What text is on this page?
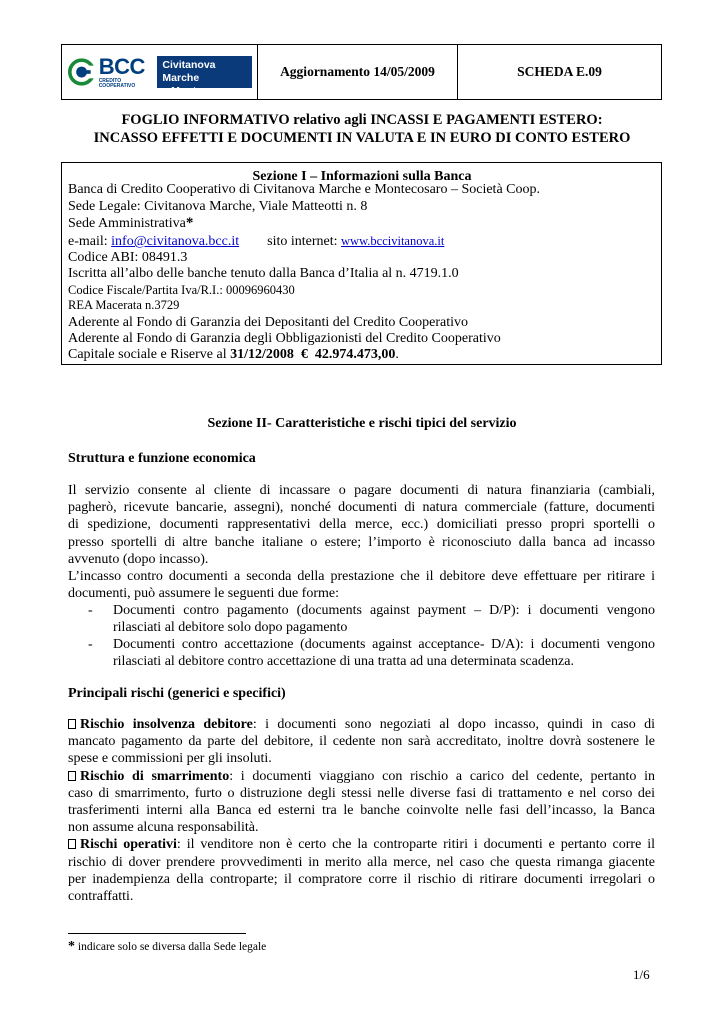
BCC
CREDITO COOPERATIVO
Civitanova Marche
e Montecosaro
Aggiornamento 14/05/2009	SCHEDA E.09
FOGLIO INFORMATIVO relativo agli INCASSI E PAGAMENTI ESTERO:
INCASSO EFFETTI E DOCUMENTI IN VALUTA E IN EURO DI CONTO ESTERO
Sezione I – Informazioni sulla Banca
Banca di Credito Cooperativo di Civitanova Marche e Montecosaro – Società Coop.
Sede Legale: Civitanova Marche, Viale Matteotti n. 8
Sede Amministrativa*
e-mail: info@civitanova.bcc.it sito internet: www.bccivitanova.it
Codice ABI: 08491.3
Iscritta all’albo delle banche tenuto dalla Banca d’Italia al n. 4719.1.0
Codice Fiscale/Partita Iva/R.I.: 00096960430
REA Macerata n.3729
Aderente al Fondo di Garanzia dei Depositanti del Credito Cooperativo
Aderente al Fondo di Garanzia degli Obbligazionisti del Credito Cooperativo
Capitale sociale e Riserve al 31/12/2008  €  42.974.473,00.
Sezione II- Caratteristiche e rischi tipici del servizio
Struttura e funzione economica
Il servizio consente al cliente di incassare o pagare documenti di natura finanziaria (cambiali,
pagherò, ricevute bancarie, assegni), nonché documenti di natura commerciale (fatture, documenti
di spedizione, documenti rappresentativi della merce, ecc.) domiciliati presso propri sportelli o
presso sportelli di altre banche italiane o estere; l’importo è riconosciuto dalla banca ad incasso
avvenuto (dopo incasso).
L’incasso contro documenti a seconda della prestazione che il debitore deve effettuare per ritirare i
documenti, può assumere le seguenti due forme:
- Documenti contro pagamento (documents against payment – D/P): i documenti vengono
rilasciati al debitore solo dopo pagamento
- Documenti contro accettazione (documents against acceptance- D/A): i documenti vengono
rilasciati al debitore contro accettazione di una tratta ad una determinata scadenza.
Principali rischi (generici e specifici)
Rischio insolvenza debitore: i documenti sono negoziati al dopo incasso, quindi in caso di
mancato pagamento da parte del debitore, il cedente non sarà accreditato, inoltre dovrà sostenere le
spese e commissioni per gli insoluti.
Rischio di smarrimento: i documenti viaggiano con rischio a carico del cedente, pertanto in
caso di smarrimento, furto o distruzione degli stessi nelle diverse fasi di trattamento e nel corso dei
trasferimenti interni alla Banca ed esterni tra le banche coinvolte nelle fasi dell’incasso, la Banca
non assume alcuna responsabilità.
Rischi operativi: il venditore non è certo che la controparte ritiri i documenti e pertanto corre il
rischio di dover prendere provvedimenti in merito alla merce, nel caso che questa rimanga giacente
per inadempienza della controparte; il compratore corre il rischio di ritirare documenti irregolari o
contraffatti.
* indicare solo se diversa dalla Sede legale
1/6
